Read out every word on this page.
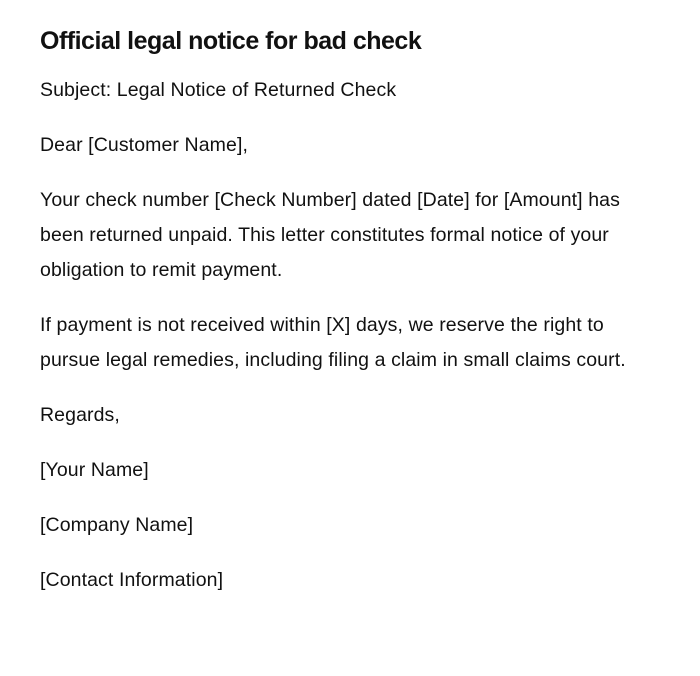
Official legal notice for bad check

Subject: Legal Notice of Returned Check

Dear [Customer Name],

Your check number [Check Number] dated [Date] for [Amount] has been returned unpaid. This letter constitutes formal notice of your obligation to remit payment.

If payment is not received within [X] days, we reserve the right to pursue legal remedies, including filing a claim in small claims court.

Regards,

[Your Name]

[Company Name]

[Contact Information]
